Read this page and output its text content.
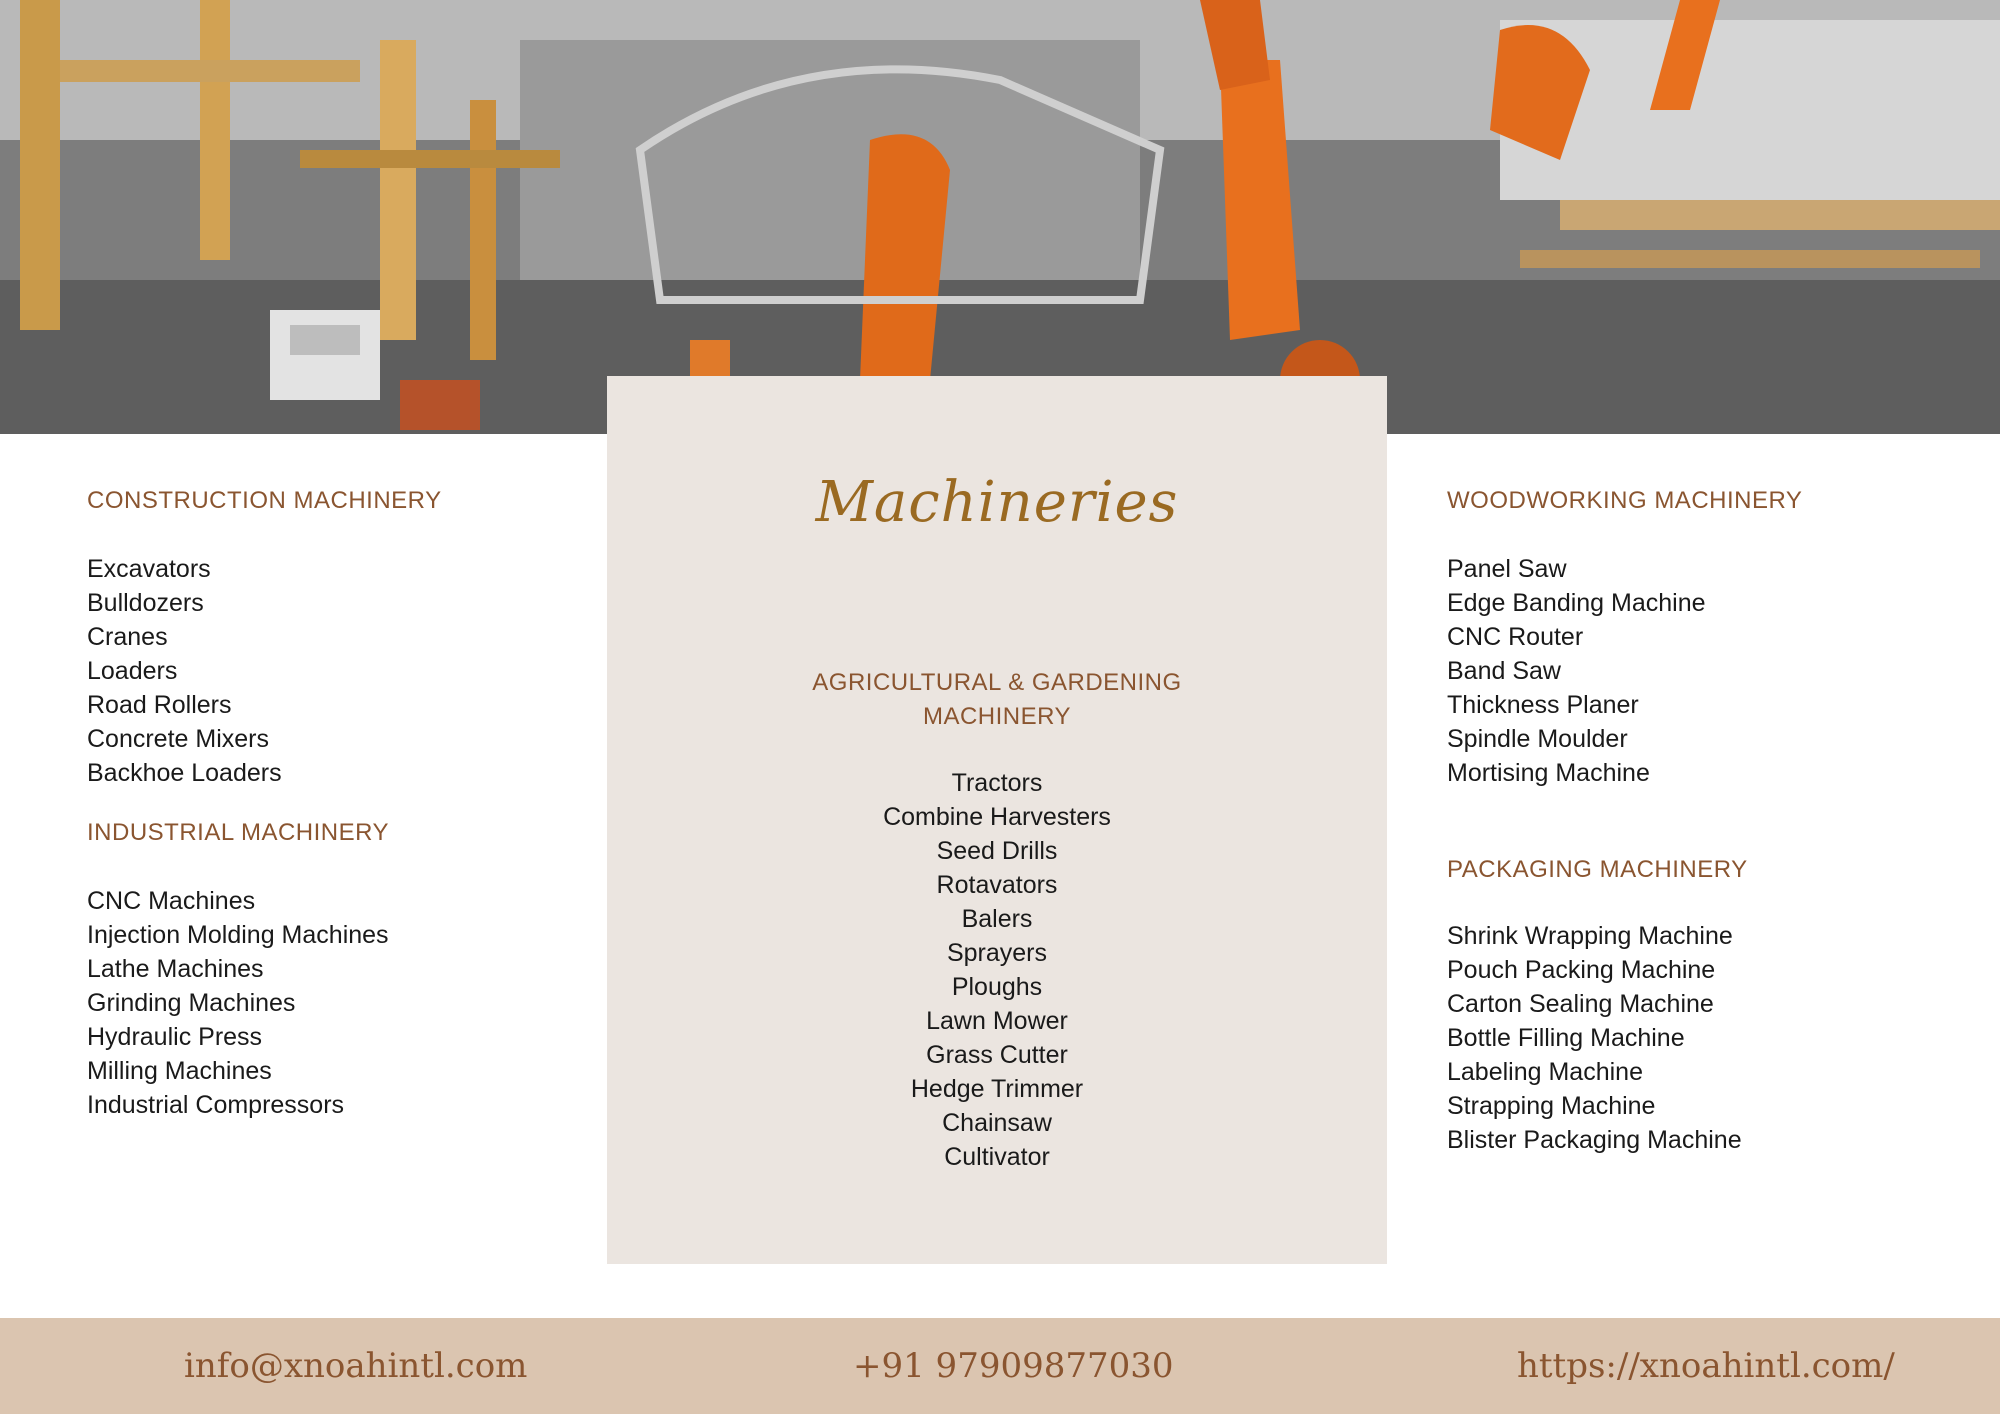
Machineries
CONSTRUCTION MACHINERY
Excavators
Bulldozers
Cranes
Loaders
Road Rollers
Concrete Mixers
Backhoe Loaders
INDUSTRIAL MACHINERY
CNC Machines
Injection Molding Machines
Lathe Machines
Grinding Machines
Hydraulic Press
Milling Machines
Industrial Compressors
AGRICULTURAL & GARDENING MACHINERY
Tractors
Combine Harvesters
Seed Drills
Rotavators
Balers
Sprayers
Ploughs
Lawn Mower
Grass Cutter
Hedge Trimmer
Chainsaw
Cultivator
WOODWORKING MACHINERY
Panel Saw
Edge Banding Machine
CNC Router
Band Saw
Thickness Planer
Spindle Moulder
Mortising Machine
PACKAGING MACHINERY
Shrink Wrapping Machine
Pouch Packing Machine
Carton Sealing Machine
Bottle Filling Machine
Labeling Machine
Strapping Machine
Blister Packaging Machine
info@xnoahintl.com	+91 97909877030	https://xnoahintl.com/
